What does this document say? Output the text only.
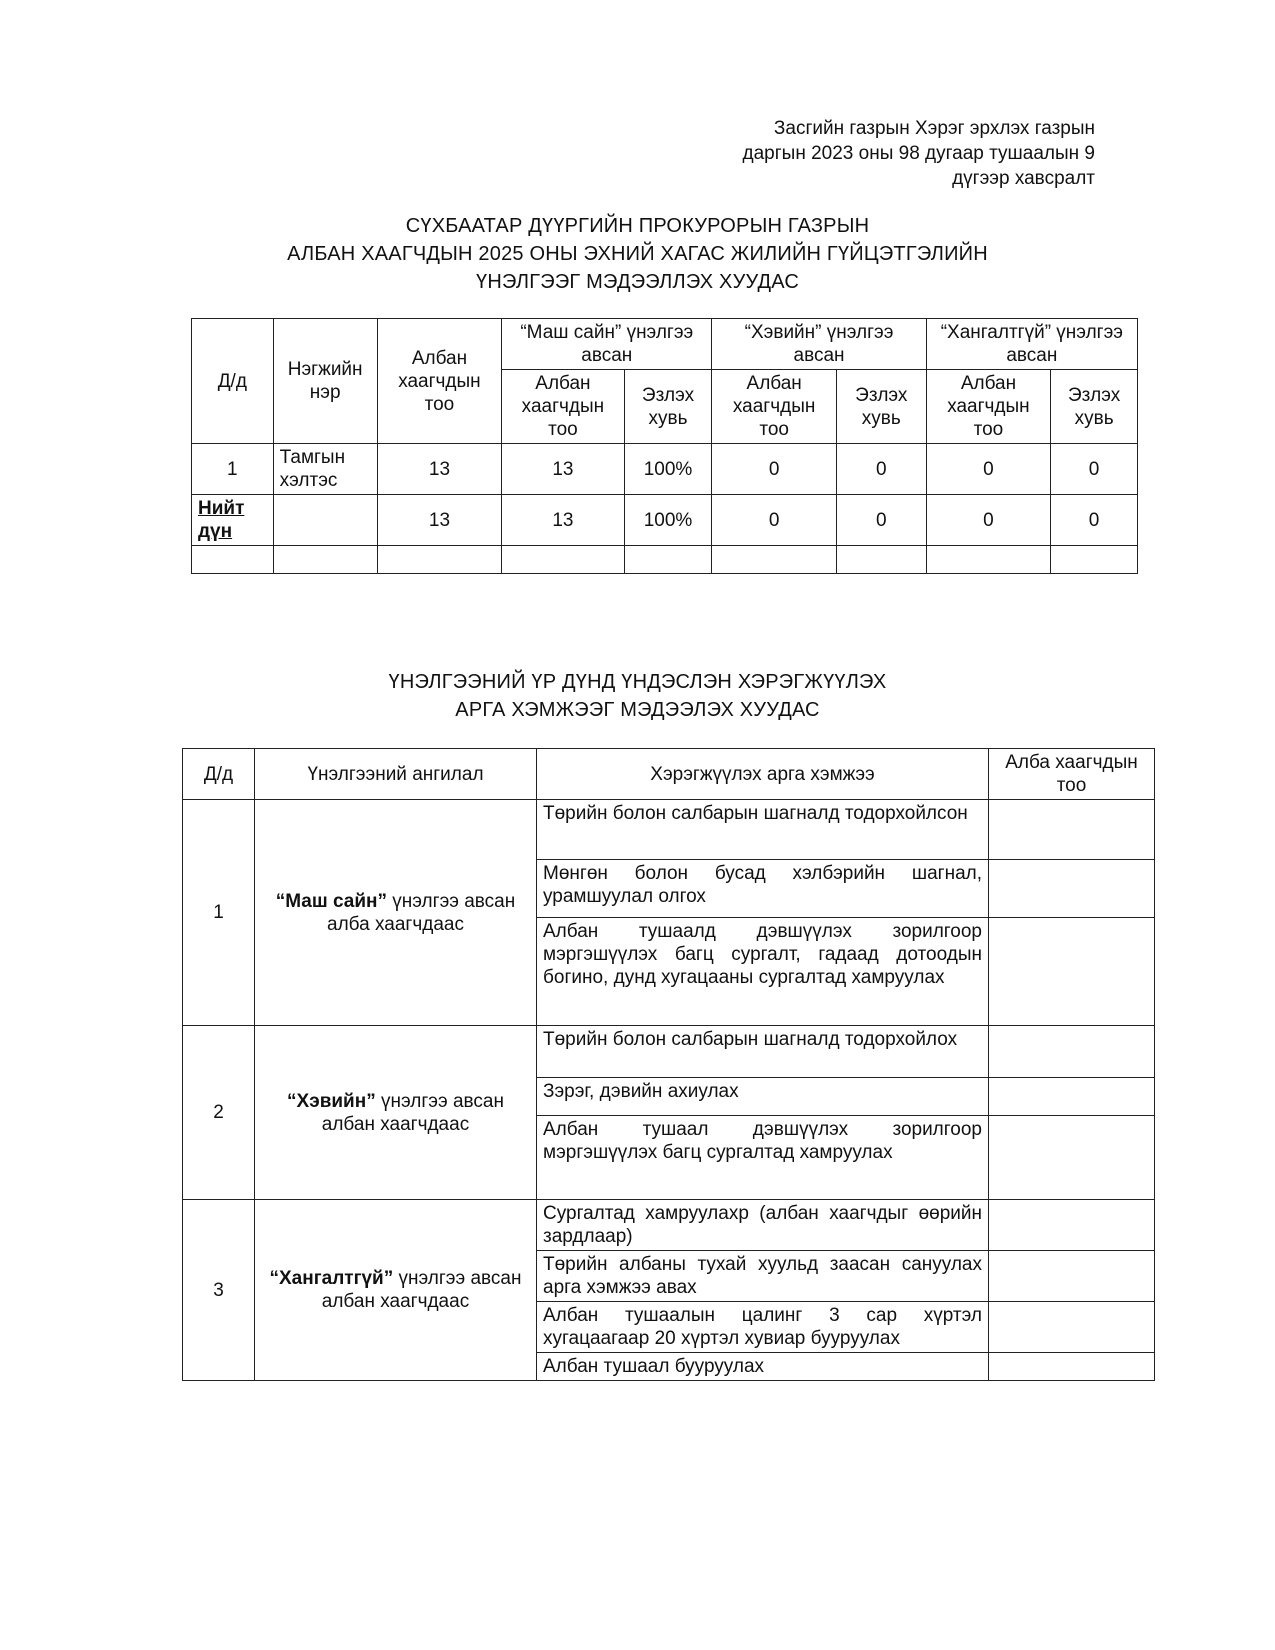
Засгийн газрын Хэрэг эрхлэх газрын
даргын 2023 оны 98 дугаар тушаалын 9
дүгээр хавсралт
СҮХБААТАР ДҮҮРГИЙН ПРОКУРОРЫН ГАЗРЫН
АЛБАН ХААГЧДЫН 2025 ОНЫ ЭХНИЙ ХАГАС ЖИЛИЙН ГҮЙЦЭТГЭЛИЙН
ҮНЭЛГЭЭГ МЭДЭЭЛЛЭХ ХУУДАС
Д/д	Нэгжийн нэр	Албан хаагчдын тоо	“Маш сайн” үнэлгээ авсан		“Хэвийн” үнэлгээ авсан		“Хангалтгүй” үнэлгээ авсан	
			Албан хаагчдын тоо	Эзлэх хувь	Албан хаагчдын тоо	Эзлэх хувь	Албан хаагчдын тоо	Эзлэх хувь
1	Тамгын хэлтэс	13	13	100%	0	0	0	0
Нийт дүн		13	13	100%	0	0	0	0

ҮНЭЛГЭЭНИЙ ҮР ДҮНД ҮНДЭСЛЭН ХЭРЭГЖҮҮЛЭХ
АРГА ХЭМЖЭЭГ МЭДЭЭЛЭХ ХУУДАС
Д/д	Үнэлгээний ангилал	Хэрэгжүүлэх арга хэмжээ	Алба хаагчдын тоо
1	“Маш сайн” үнэлгээ авсан алба хаагчдаас	Төрийн болон салбарын шагналд тодорхойлсон	
		Мөнгөн болон бусад хэлбэрийн шагнал, урамшуулал олгох	
		Албан тушаалд дэвшүүлэх зорилгоор мэргэшүүлэх багц сургалт, гадаад дотоодын богино, дунд хугацааны сургалтад хамруулах	
2	“Хэвийн” үнэлгээ авсан албан хаагчдаас	Төрийн болон салбарын шагналд тодорхойлох	
		Зэрэг, дэвийн ахиулах	
		Албан тушаал дэвшүүлэх зорилгоор мэргэшүүлэх багц сургалтад хамруулах	
3	“Хангалтгүй” үнэлгээ авсан албан хаагчдаас	Сургалтад хамруулахр (албан хаагчдыг өөрийн зардлаар)	
		Төрийн албаны тухай хуульд заасан сануулах арга хэмжээ авах	
		Албан тушаалын цалинг 3 сар хүртэл хугацаагаар 20 хүртэл хувиар бууруулах	
		Албан тушаал бууруулах	
